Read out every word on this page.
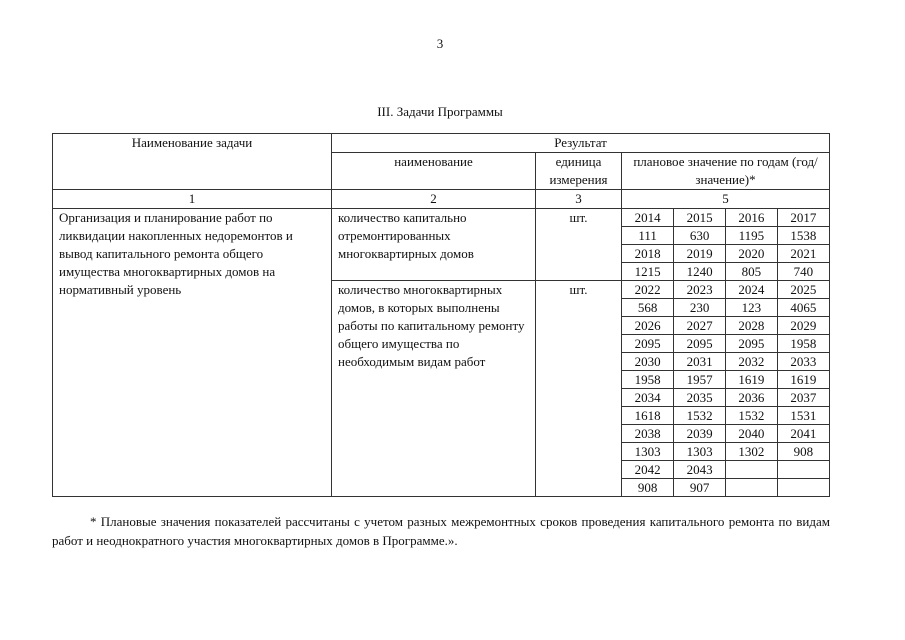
3
III. Задачи Программы
Наименование задачи	Результат
наименование	единица измерения	плановое значение по годам (год/значение)*
1	2	3	5
Организация и планирование работ по ликвидации накопленных недоремонтов и вывод капитального ремонта общего имущества многоквартирных домов на нормативный уровень	количество капитально отремонтированных многоквартирных домов	шт.		2014	2015	2016	2017
111	630	1195	1538
2018	2019	2020	2021
1215	1240	805	740

количество многоквартирных домов, в которых выполнены работы по капитальному ремонту общего имущества по необходимым видам работ	шт.		2022	2023	2024	2025
568	230	123	4065
2026	2027	2028	2029
2095	2095	2095	1958
2030	2031	2032	2033
1958	1957	1619	1619
2034	2035	2036	2037
1618	1532	1532	1531
2038	2039	2040	2041
1303	1303	1302	908
2042	2043		
908	907		
* Плановые значения показателей рассчитаны с учетом разных межремонтных сроков проведения капитального ремонта по видам работ и неоднократного участия многоквартирных домов в Программе.».
